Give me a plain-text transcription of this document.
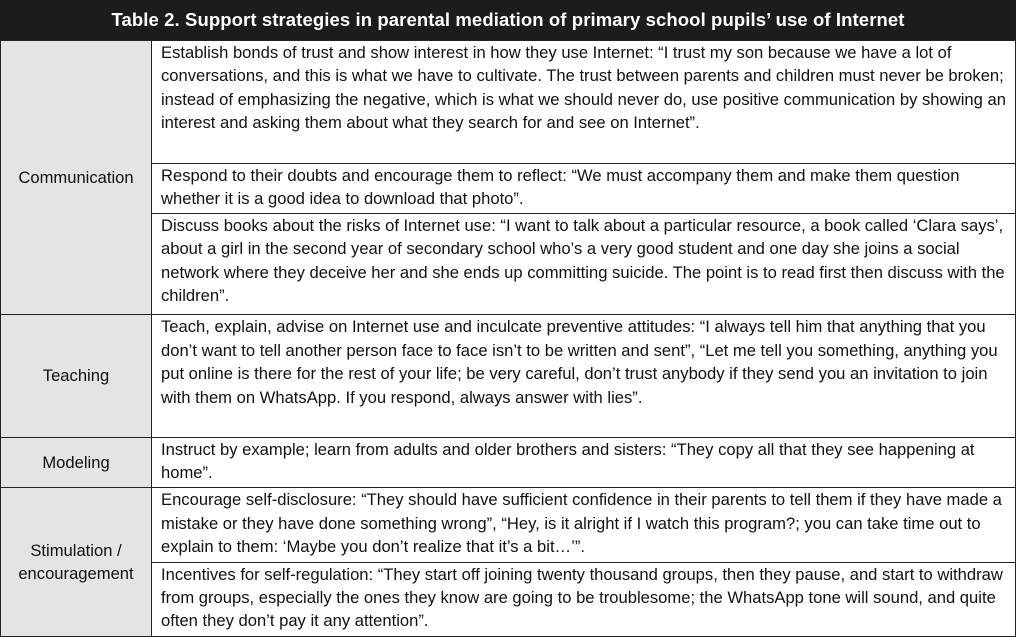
Table 2. Support strategies in parental mediation of primary school pupils’ use of Internet
Communication	Establish bonds of trust and show interest in how they use Internet: “I trust my son because we have a lot of conversations, and this is what we have to cultivate. The trust between parents and children must never be broken; instead of emphasizing the negative, which is what we should never do, use positive communication by showing an interest and asking them about what they search for and see on Internet”.
	Respond to their doubts and encourage them to reflect: “We must accompany them and make them question whether it is a good idea to download that photo”.
	Discuss books about the risks of Internet use: “I want to talk about a particular resource, a book called ‘Clara says’, about a girl in the second year of secondary school who’s a very good student and one day she joins a social network where they deceive her and she ends up committing suicide. The point is to read first then discuss with the children”.
Teaching	Teach, explain, advise on Internet use and inculcate preventive attitudes: “I always tell him that anything that you don’t want to tell another person face to face isn’t to be written and sent”, “Let me tell you something, anything you put online is there for the rest of your life; be very careful, don’t trust anybody if they send you an invitation to join with them on WhatsApp. If you respond, always answer with lies”.
Modeling	Instruct by example; learn from adults and older brothers and sisters: “They copy all that they see happening at home”.
Stimulation / encouragement	Encourage self-disclosure: “They should have sufficient confidence in their parents to tell them if they have made a mistake or they have done something wrong”, “Hey, is it alright if I watch this program?; you can take time out to explain to them: ‘Maybe you don’t realize that it’s a bit…’”.
	Incentives for self-regulation: “They start off joining twenty thousand groups, then they pause, and start to withdraw from groups, especially the ones they know are going to be troublesome; the WhatsApp tone will sound, and quite often they don’t pay it any attention”.
